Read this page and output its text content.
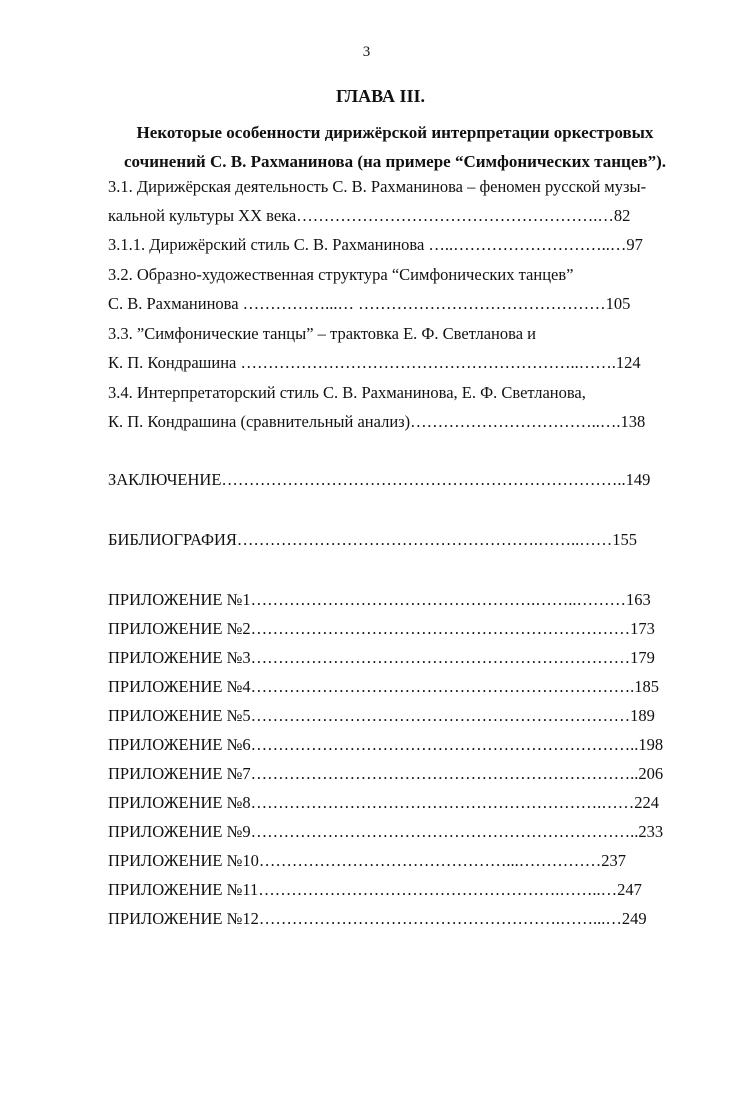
3
ГЛАВА III.
Некоторые особенности дирижёрской интерпретации оркестровых
сочинений С. В. Рахманинова (на примере “Симфонических танцев”).
3.1. Дирижёрская деятельность С. В. Рахманинова – феномен русской музы-
кальной культуры XX века……………………………………………….…82
3.1.1. Дирижёрский стиль С. В. Рахманинова …..………………………..…97
3.2. Образно-художественная структура “Симфонических танцев”
С. В. Рахманинова ……………...… ………………………………………105
3.3. ”Симфонические танцы” – трактовка Е. Ф. Светланова и
К. П. Кондрашина ……………………………………………………..…….124
3.4. Интерпретаторский стиль С. В. Рахманинова, Е. Ф. Светланова,
К. П. Кондрашина (сравнительный анализ)……………………………..….138
ЗАКЛЮЧЕНИЕ………………………………………………………………..149
БИБЛИОГРАФИЯ……………………………………………….……..……155
ПРИЛОЖЕНИЕ №1…………………………………………….……..………163
ПРИЛОЖЕНИЕ №2……………………………………………………………173
ПРИЛОЖЕНИЕ №3……………………………………………………………179
ПРИЛОЖЕНИЕ №4…………………………………………………………….185
ПРИЛОЖЕНИЕ №5……………………………………………………………189
ПРИЛОЖЕНИЕ №6……………………………………………………………..198
ПРИЛОЖЕНИЕ №7……………………………………………………………..206
ПРИЛОЖЕНИЕ №8……………………………………………………….……224
ПРИЛОЖЕНИЕ №9……………………………………………………………..233
ПРИЛОЖЕНИЕ №10………………………………………...……………237
ПРИЛОЖЕНИЕ №11……………………………………………….……..…247
ПРИЛОЖЕНИЕ №12……………………………………………….……...…249
